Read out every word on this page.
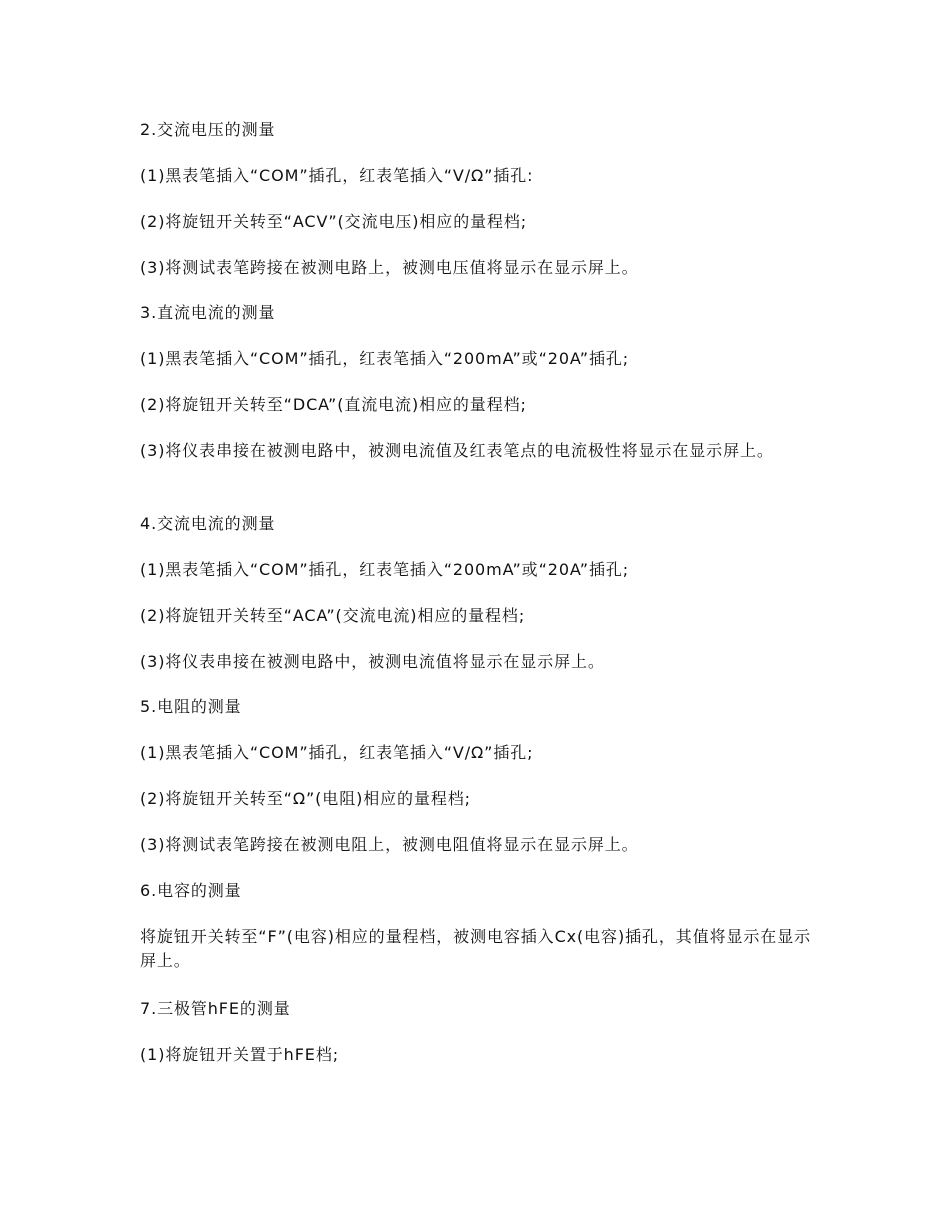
2.交流电压的测量
(1)黑表笔插入“COM”插孔，红表笔插入“V/Ω”插孔:
(2)将旋钮开关转至“ACV”(交流电压)相应的量程档;
(3)将测试表笔跨接在被测电路上，被测电压值将显示在显示屏上。
3.直流电流的测量
(1)黑表笔插入“COM”插孔，红表笔插入“200mA”或“20A”插孔;
(2)将旋钮开关转至“DCA”(直流电流)相应的量程档;
(3)将仪表串接在被测电路中，被测电流值及红表笔点的电流极性将显示在显示屏上。
4.交流电流的测量
(1)黑表笔插入“COM”插孔，红表笔插入“200mA”或“20A”插孔;
(2)将旋钮开关转至“ACA”(交流电流)相应的量程档;
(3)将仪表串接在被测电路中，被测电流值将显示在显示屏上。
5.电阻的测量
(1)黑表笔插入“COM”插孔，红表笔插入“V/Ω”插孔;
(2)将旋钮开关转至“Ω”(电阻)相应的量程档;
(3)将测试表笔跨接在被测电阻上，被测电阻值将显示在显示屏上。
6.电容的测量
将旋钮开关转至“F”(电容)相应的量程档，被测电容插入Cx(电容)插孔，其值将显示在显示屏上。
7.三极管hFE的测量
(1)将旋钮开关置于hFE档;
